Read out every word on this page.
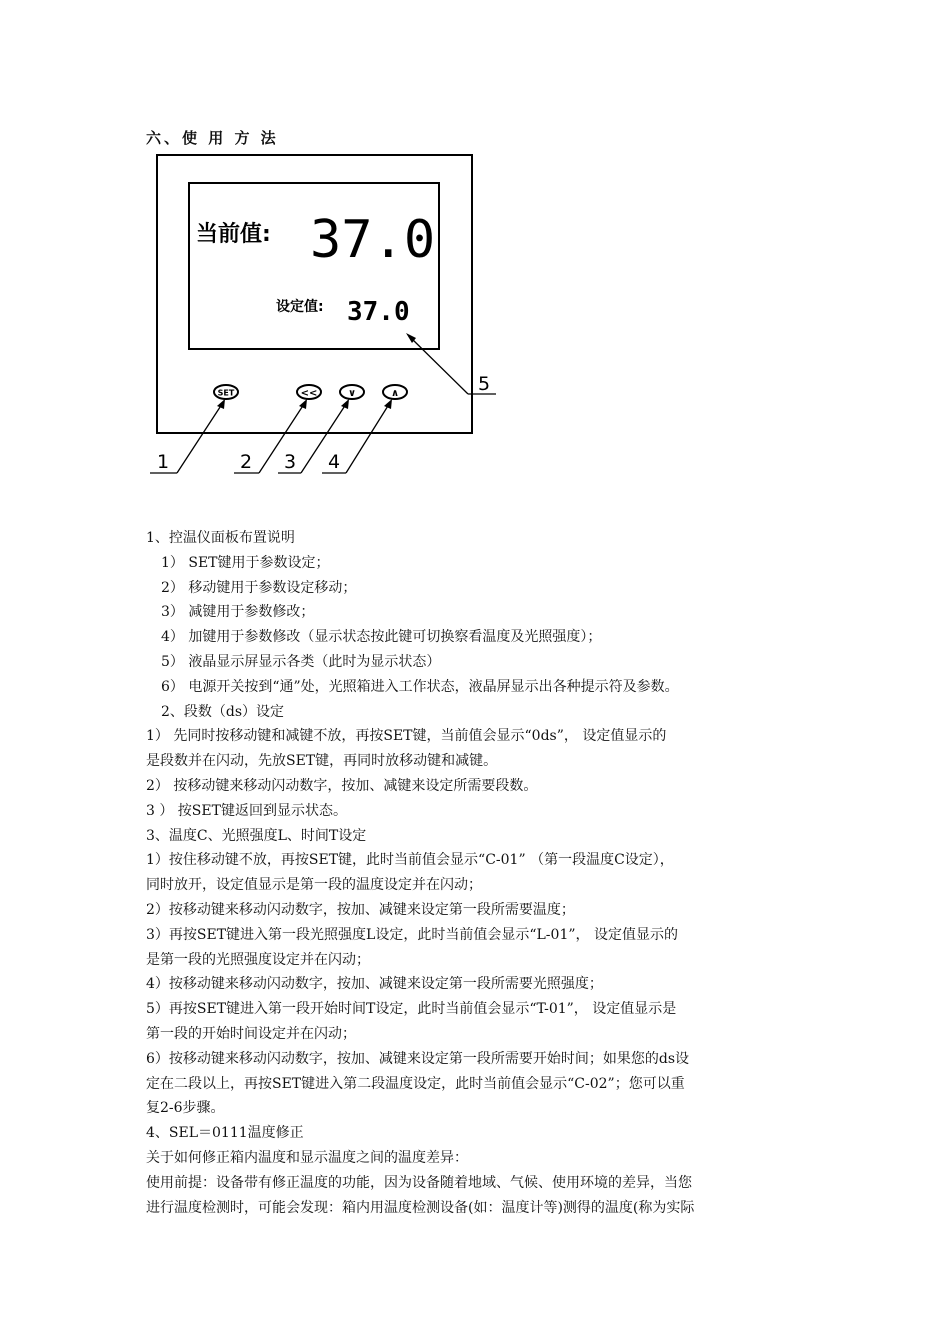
六、使 用 方 法
当前值: 37.0
设定值: 37.0
SET	<<	∨	∧
1	2 3 4
5
1、控温仪面板布置说明
1） SET键用于参数设定；
2） 移动键用于参数设定移动；
3） 减键用于参数修改；
4） 加键用于参数修改（显示状态按此键可切换察看温度及光照强度）；
5） 液晶显示屏显示各类（此时为显示状态）
6） 电源开关按到“通”处，光照箱进入工作状态，液晶屏显示出各种提示符及参数。
2、段数（ds）设定
1） 先同时按移动键和减键不放，再按SET键，当前值会显示“0ds”， 设定值显示的
是段数并在闪动，先放SET键，再同时放移动键和减键。
2） 按移动键来移动闪动数字，按加、减键来设定所需要段数。
3 ） 按SET键返回到显示状态。
3、温度C、光照强度L、时间T设定
1）按住移动键不放，再按SET键，此时当前值会显示“C-01” （第一段温度C设定），
同时放开，设定值显示是第一段的温度设定并在闪动；
2）按移动键来移动闪动数字，按加、减键来设定第一段所需要温度；
3）再按SET键进入第一段光照强度L设定，此时当前值会显示“L-01”， 设定值显示的
是第一段的光照强度设定并在闪动；
4）按移动键来移动闪动数字，按加、减键来设定第一段所需要光照强度；
5）再按SET键进入第一段开始时间T设定，此时当前值会显示“T-01”， 设定值显示是
第一段的开始时间设定并在闪动；
6）按移动键来移动闪动数字，按加、减键来设定第一段所需要开始时间；如果您的ds设
定在二段以上，再按SET键进入第二段温度设定，此时当前值会显示“C-02”；您可以重
复2-6步骤。
4、SEL＝0111温度修正
关于如何修正箱内温度和显示温度之间的温度差异：
使用前提：设备带有修正温度的功能，因为设备随着地域、气候、使用环境的差异，当您
进行温度检测时，可能会发现：箱内用温度检测设备(如：温度计等)测得的温度(称为实际
